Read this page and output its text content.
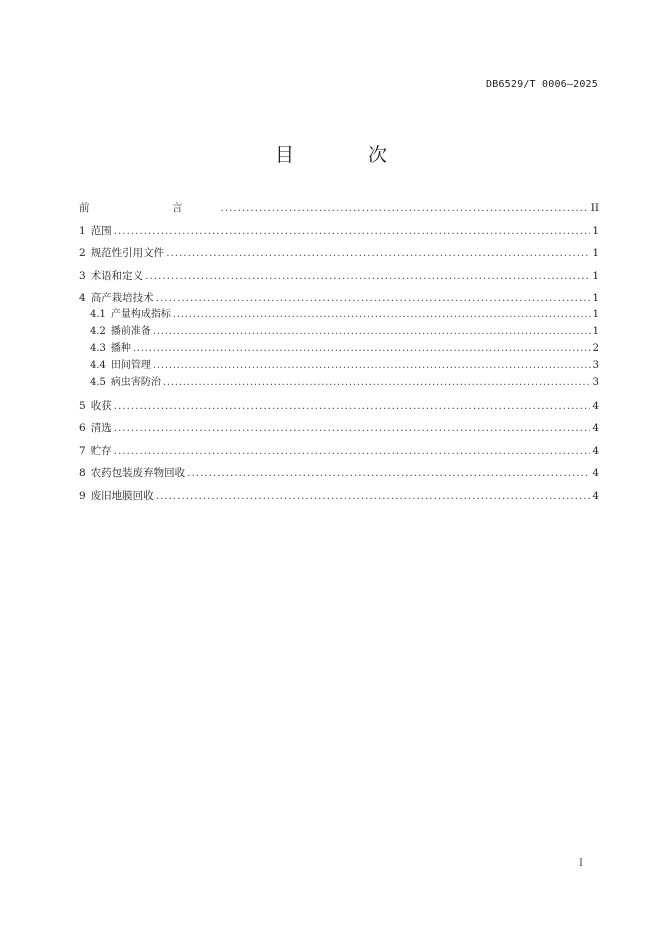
DB6529/T 0006—2025
目 次
前　言 . . .	II
1 范围 . . .	1
2 规范性引用文件 . . .	1
3 术语和定义 . . .	1
4 高产栽培技术 . . .	1
4.1 产量构成指标 . . .	1
4.2 播前准备 . . .	1
4.3 播种 . . .	2
4.4 田间管理 . . .	3
4.5 病虫害防治 . . .	3
5 收获 . . .	4
6 清选 . . .	4
7 贮存 . . .	4
8 农药包装废弃物回收 . . .	4
9 废旧地膜回收 . . .	4
I
